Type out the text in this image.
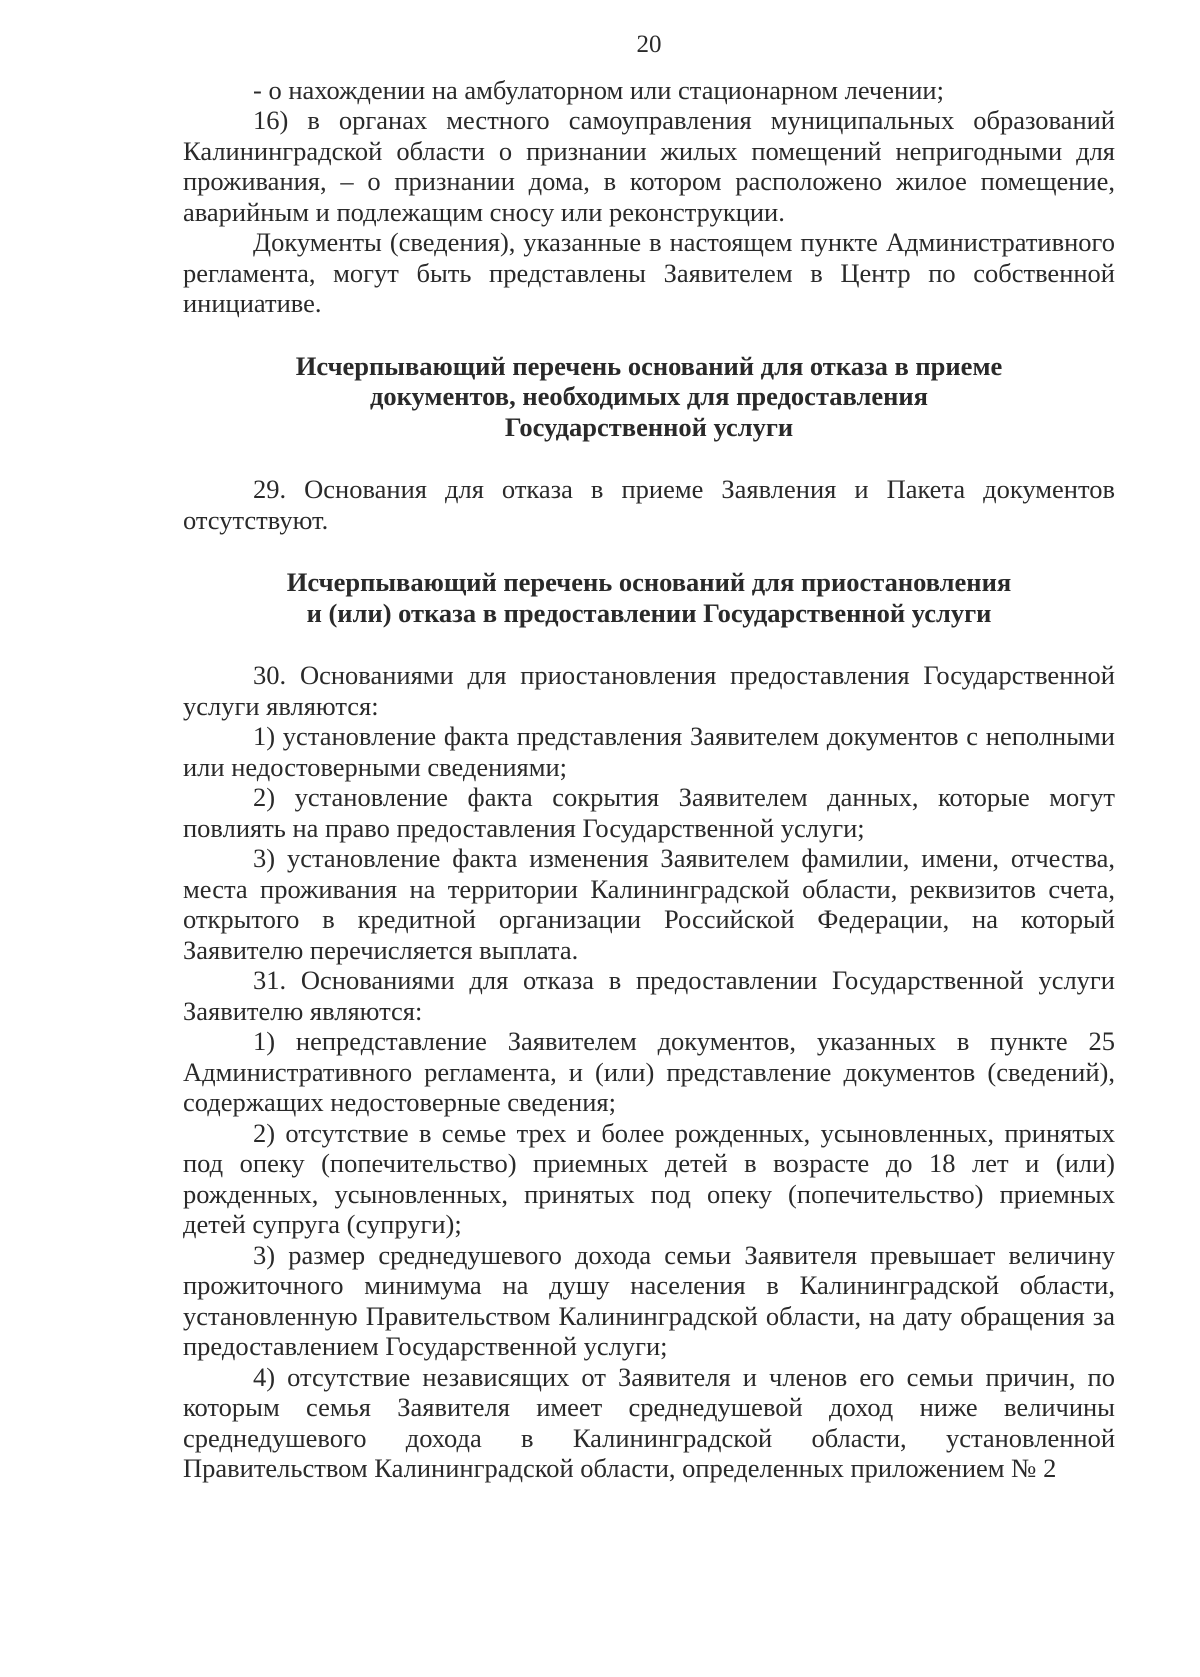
20

- о нахождении на амбулаторном или стационарном лечении;

16) в органах местного самоуправления муниципальных образований Калининградской области о признании жилых помещений непригодными для проживания, – о признании дома, в котором расположено жилое помещение, аварийным и подлежащим сносу или реконструкции.

Документы (сведения), указанные в настоящем пункте Административного регламента, могут быть представлены Заявителем в Центр по собственной инициативе.

Исчерпывающий перечень оснований для отказа в приеме
документов, необходимых для предоставления
Государственной услуги

29. Основания для отказа в приеме Заявления и Пакета документов отсутствуют.

Исчерпывающий перечень оснований для приостановления
и (или) отказа в предоставлении Государственной услуги

30. Основаниями для приостановления предоставления Государственной услуги являются:

1) установление факта представления Заявителем документов с неполными или недостоверными сведениями;

2) установление факта сокрытия Заявителем данных, которые могут повлиять на право предоставления Государственной услуги;

3) установление факта изменения Заявителем фамилии, имени, отчества, места проживания на территории Калининградской области, реквизитов счета, открытого в кредитной организации Российской Федерации, на который Заявителю перечисляется выплата.

31. Основаниями для отказа в предоставлении Государственной услуги Заявителю являются:

1) непредставление Заявителем документов, указанных в пункте 25 Административного регламента, и (или) представление документов (сведений), содержащих недостоверные сведения;

2) отсутствие в семье трех и более рожденных, усыновленных, принятых под опеку (попечительство) приемных детей в возрасте до 18 лет и (или) рожденных, усыновленных, принятых под опеку (попечительство) приемных детей супруга (супруги);

3) размер среднедушевого дохода семьи Заявителя превышает величину прожиточного минимума на душу населения в Калининградской области, установленную Правительством Калининградской области, на дату обращения за предоставлением Государственной услуги;

4) отсутствие независящих от Заявителя и членов его семьи причин, по которым семья Заявителя имеет среднедушевой доход ниже величины среднедушевого дохода в Калининградской области, установленной Правительством Калининградской области, определенных приложением № 2
